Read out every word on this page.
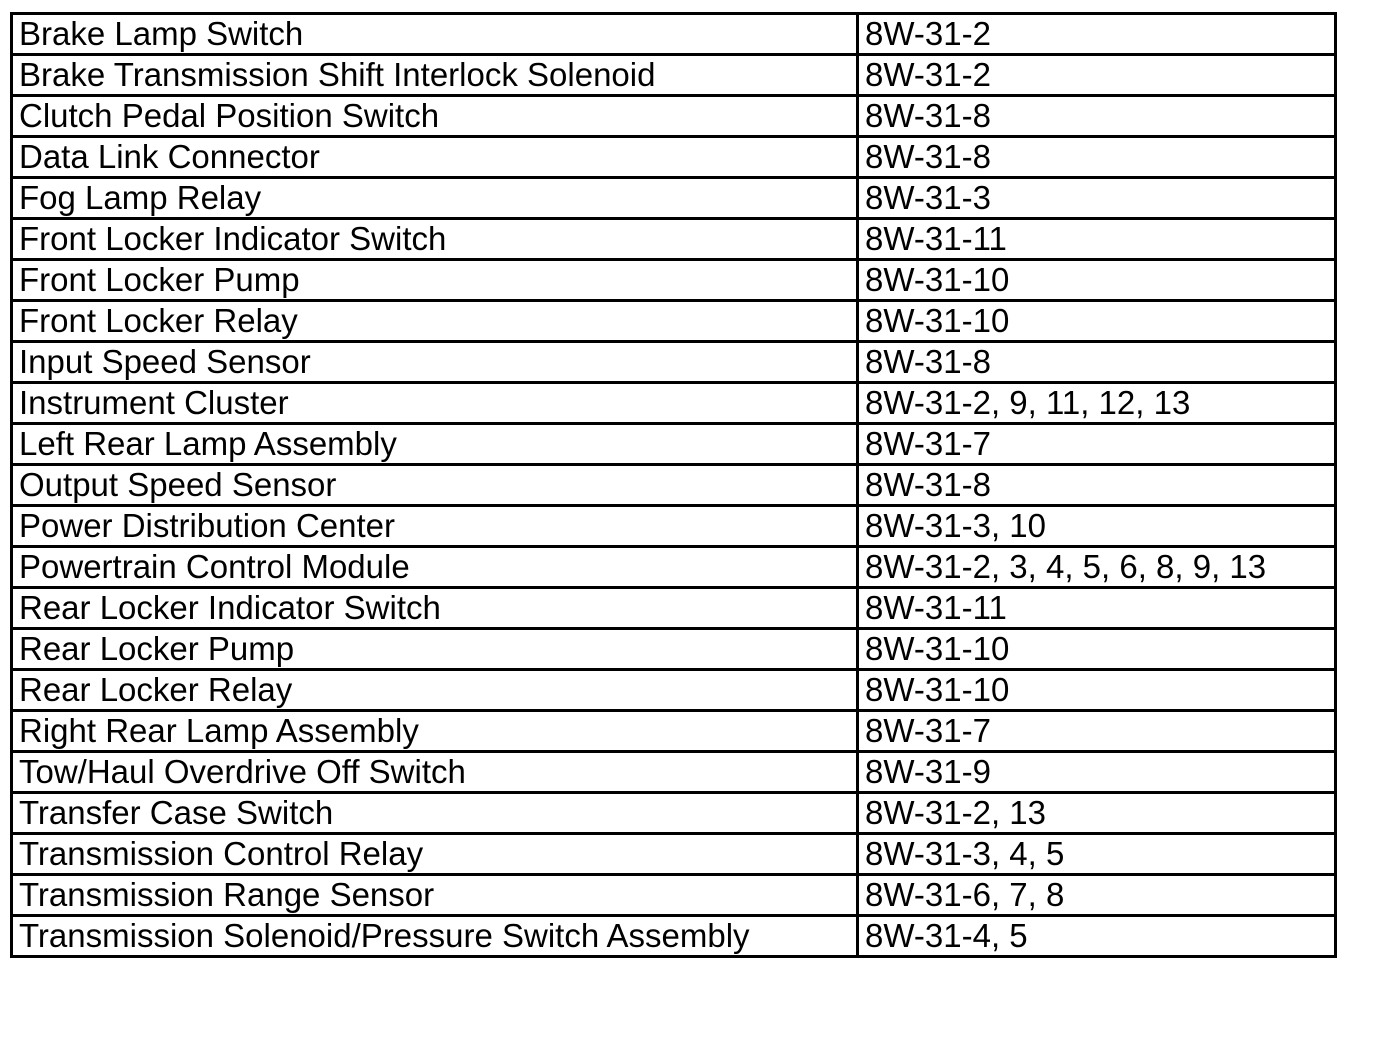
Brake Lamp Switch	8W-31-2
Brake Transmission Shift Interlock Solenoid	8W-31-2
Clutch Pedal Position Switch	8W-31-8
Data Link Connector	8W-31-8
Fog Lamp Relay	8W-31-3
Front Locker Indicator Switch	8W-31-11
Front Locker Pump	8W-31-10
Front Locker Relay	8W-31-10
Input Speed Sensor	8W-31-8
Instrument Cluster	8W-31-2, 9, 11, 12, 13
Left Rear Lamp Assembly	8W-31-7
Output Speed Sensor	8W-31-8
Power Distribution Center	8W-31-3, 10
Powertrain Control Module	8W-31-2, 3, 4, 5, 6, 8, 9, 13
Rear Locker Indicator Switch	8W-31-11
Rear Locker Pump	8W-31-10
Rear Locker Relay	8W-31-10
Right Rear Lamp Assembly	8W-31-7
Tow/Haul Overdrive Off Switch	8W-31-9
Transfer Case Switch	8W-31-2, 13
Transmission Control Relay	8W-31-3, 4, 5
Transmission Range Sensor	8W-31-6, 7, 8
Transmission Solenoid/Pressure Switch Assembly	8W-31-4, 5
